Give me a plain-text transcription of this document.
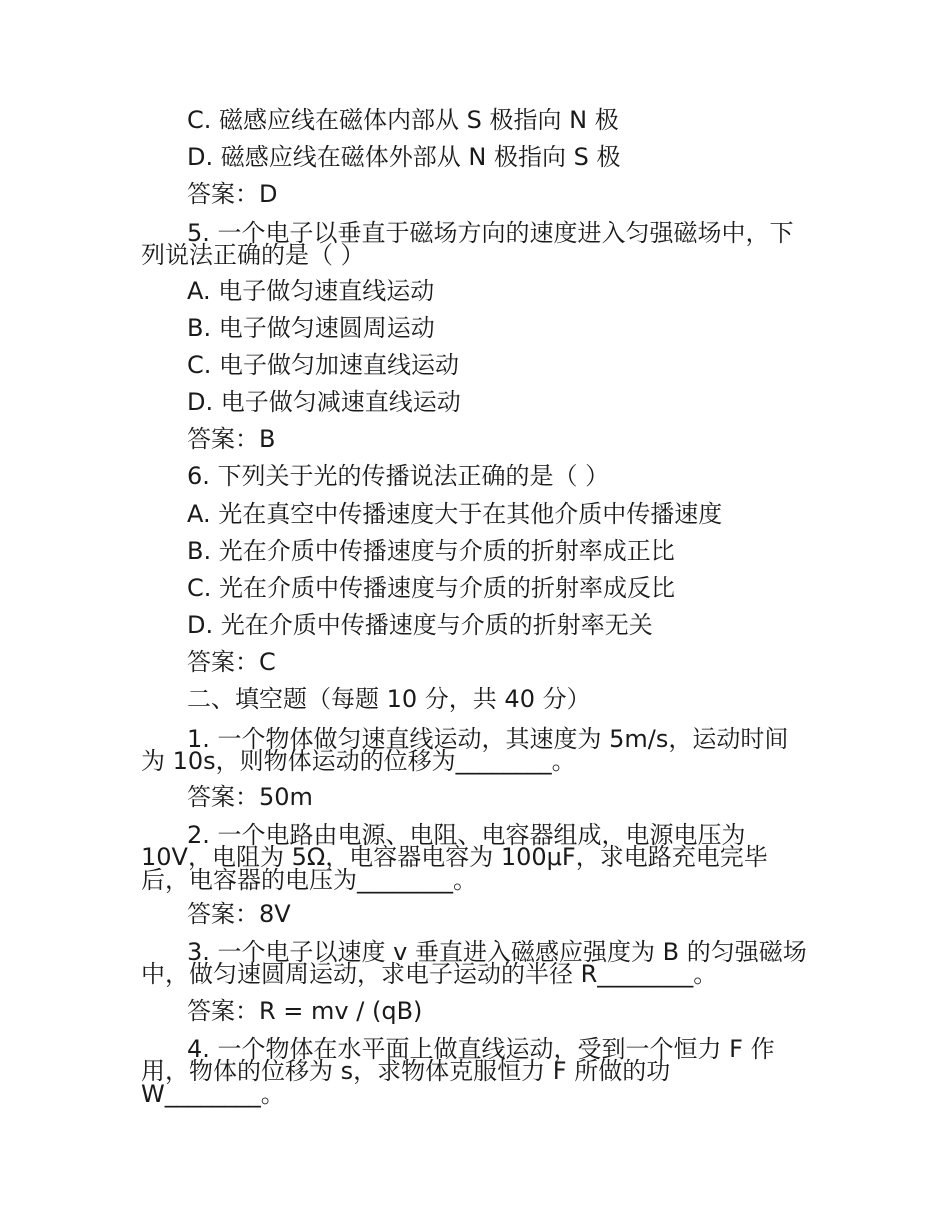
C. 磁感应线在磁体内部从 S 极指向 N 极
D. 磁感应线在磁体外部从 N 极指向 S 极
答案：D
5. 一个电子以垂直于磁场方向的速度进入匀强磁场中，下
列说法正确的是（ ）
A. 电子做匀速直线运动
B. 电子做匀速圆周运动
C. 电子做匀加速直线运动
D. 电子做匀减速直线运动
答案：B
6. 下列关于光的传播说法正确的是（ ）
A. 光在真空中传播速度大于在其他介质中传播速度
B. 光在介质中传播速度与介质的折射率成正比
C. 光在介质中传播速度与介质的折射率成反比
D. 光在介质中传播速度与介质的折射率无关
答案：C
二、填空题（每题 10 分，共 40 分）
1. 一个物体做匀速直线运动，其速度为 5m/s，运动时间
为 10s，则物体运动的位移为________。
答案：50m
2. 一个电路由电源、电阻、电容器组成，电源电压为
10V，电阻为 5Ω，电容器电容为 100μF，求电路充电完毕
后，电容器的电压为________。
答案：8V
3. 一个电子以速度 v 垂直进入磁感应强度为 B 的匀强磁场
中，做匀速圆周运动，求电子运动的半径 R________。
答案：R = mv / (qB)
4. 一个物体在水平面上做直线运动，受到一个恒力 F 作
用，物体的位移为 s，求物体克服恒力 F 所做的功
W________。
